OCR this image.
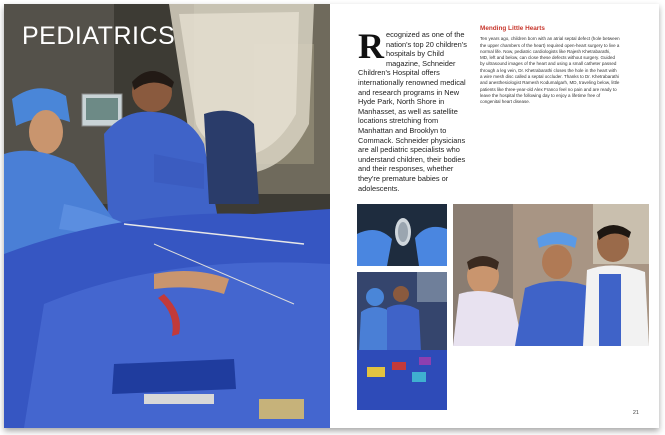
PEDIATRICS	Recognized as one of the nation's top 20 children's hospitals by Child magazine, Schneider Children's Hospital offers internationally renowned medical and research programs in New Hyde Park, North Shore in Manhasset, as well as satellite locations stretching from Manhattan and Brooklyn to Commack. Schneider physicians are all pediatric specialists who understand children, their bodies and their responses, whether they're premature babies or adolescents.
Mending Little Hearts
Ten years ago, children born with an atrial septal defect (hole between the upper chambers of the heart) required open-heart surgery to live a normal life. Now, pediatric cardiologists like Rajesh Khetrabarathi, MD, left and below, can close these defects without surgery. Guided by ultrasound images of the heart and using a small catheter passed through a leg vein, Dr. Khetrabarathi closes the hole in the heart with a wire mesh disc called a septal occluder. Thanks to Dr. Khetrabarathi and anesthesiologist Ramesh Kodumalgarh, MD, traveling below, little patients like three-year-old Alex Franco feel no pain and are ready to leave the hospital the following day to enjoy a lifetime free of congenital heart disease.
21
